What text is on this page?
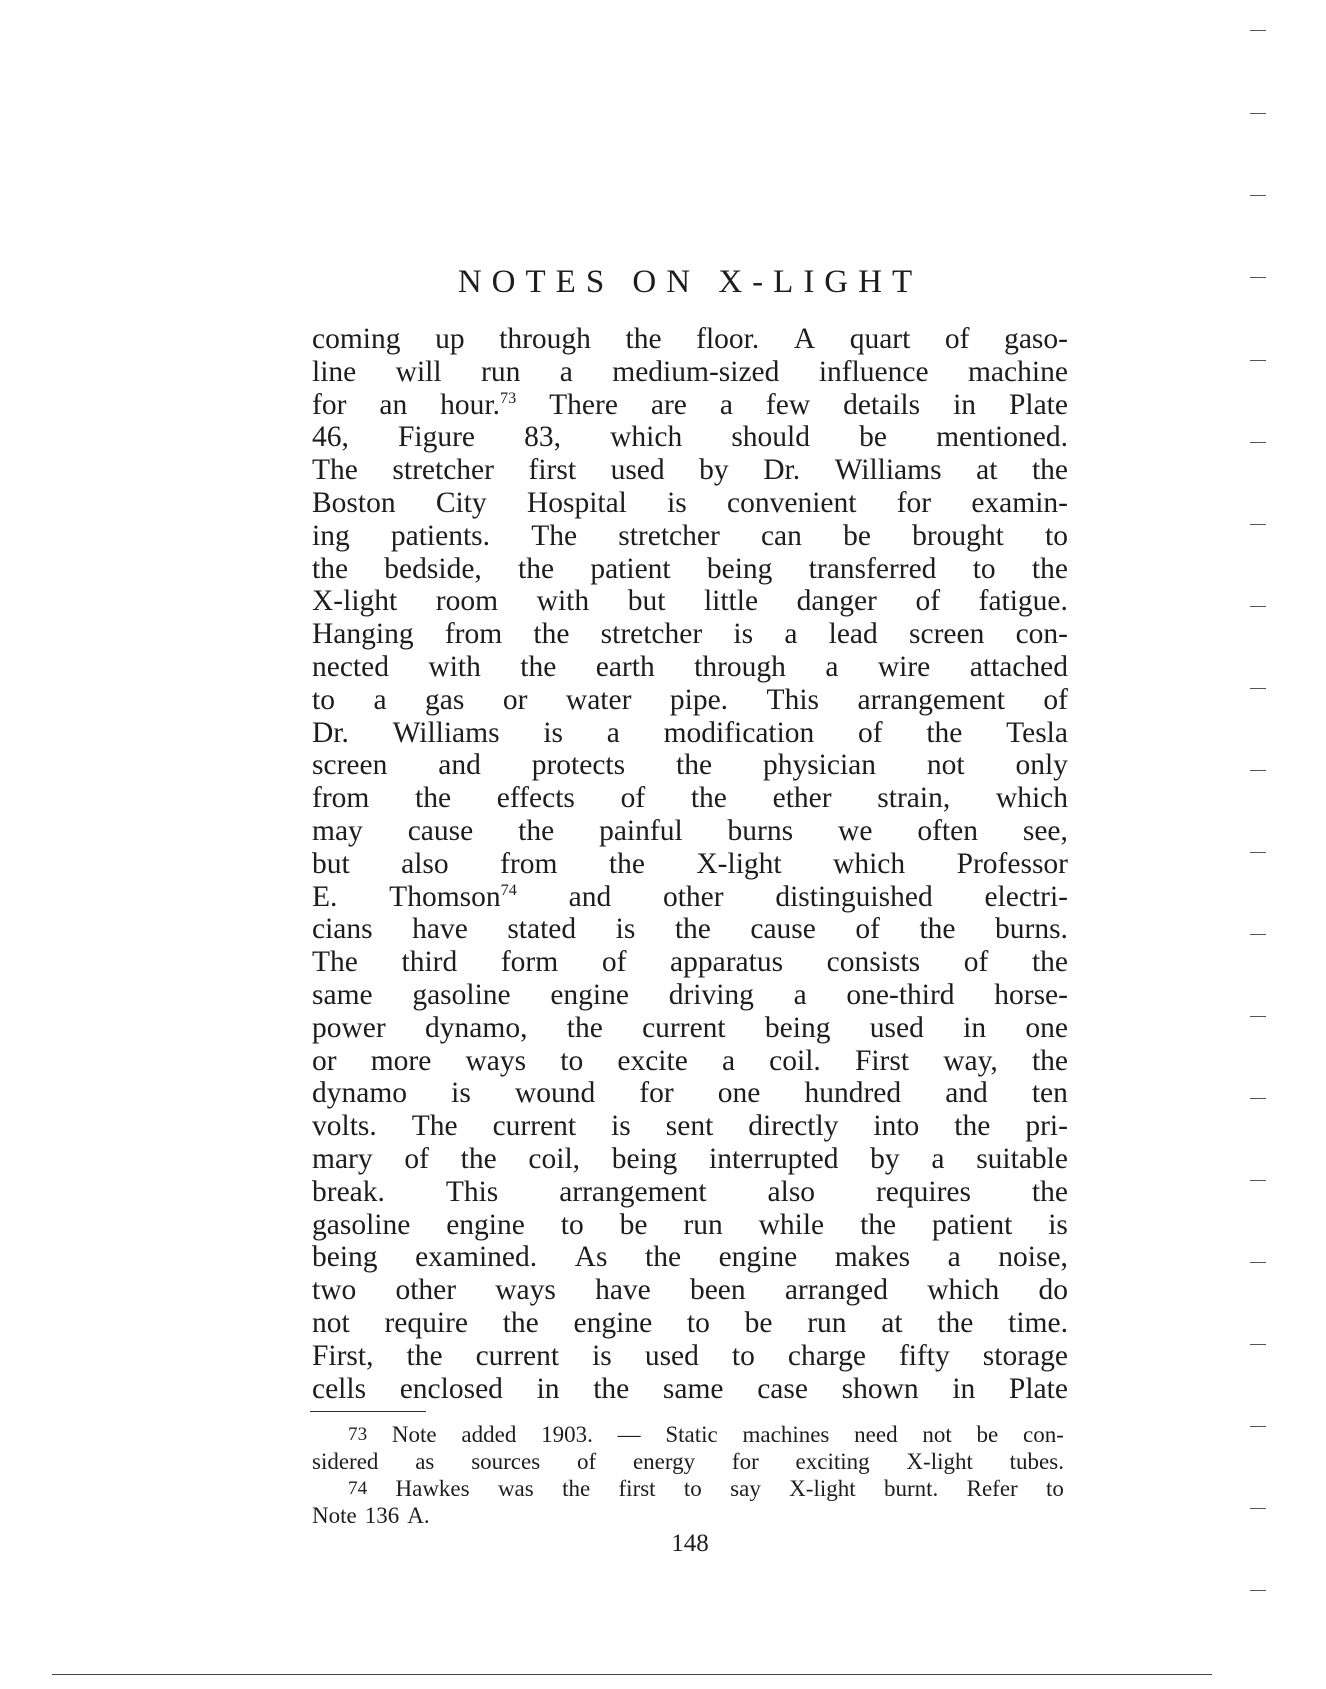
NOTES ON X-LIGHT
coming up through the floor. A quart of gaso-
line will run a medium-sized influence machine
for an hour.$^{73}$ There are a few details in Plate
46, Figure 83, which should be mentioned.
The stretcher first used by Dr. Williams at the
Boston City Hospital is convenient for examin-
ing patients. The stretcher can be brought to
the bedside, the patient being transferred to the
X-light room with but little danger of fatigue.
Hanging from the stretcher is a lead screen con-
nected with the earth through a wire attached
to a gas or water pipe. This arrangement of
Dr. Williams is a modification of the Tesla
screen and protects the physician not only
from the effects of the ether strain, which
may cause the painful burns we often see,
but also from the X-light which Professor
E. Thomson$^{74}$ and other distinguished electri-
cians have stated is the cause of the burns.
The third form of apparatus consists of the
same gasoline engine driving a one-third horse-
power dynamo, the current being used in one
or more ways to excite a coil. First way, the
dynamo is wound for one hundred and ten
volts. The current is sent directly into the pri-
mary of the coil, being interrupted by a suitable
break. This arrangement also requires the
gasoline engine to be run while the patient is
being examined. As the engine makes a noise,
two other ways have been arranged which do
not require the engine to be run at the time.
First, the current is used to charge fifty storage
cells enclosed in the same case shown in Plate
$^{73}$ Note added 1903. — Static machines need not be con-
sidered as sources of energy for exciting X-light tubes.
$^{74}$ Hawkes was the first to say X-light burnt. Refer to
Note 136 A.
148
